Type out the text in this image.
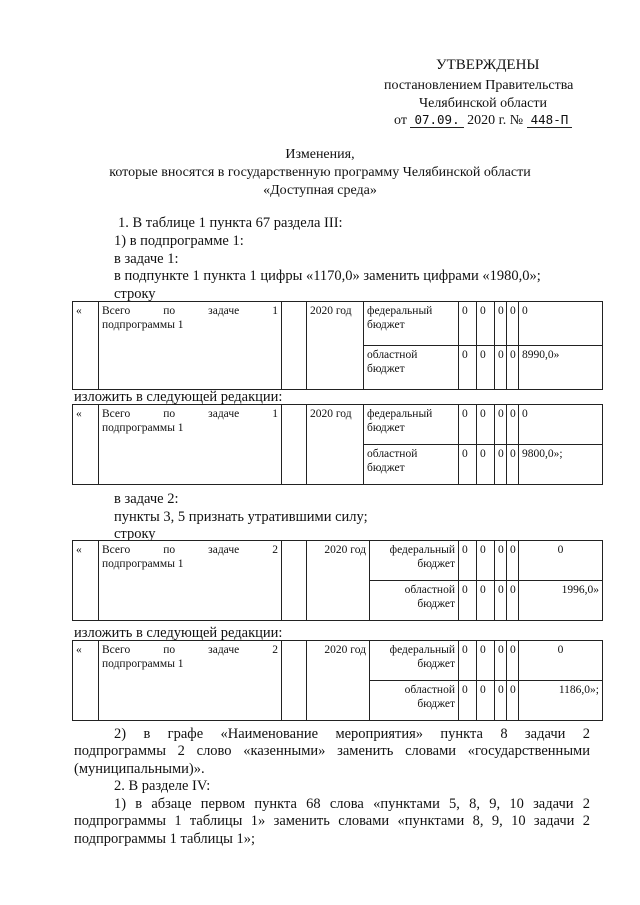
УТВЕРЖДЕНЫ
постановлением Правительства
Челябинской области
от 07.09. 2020 г. № 448-П
Изменения,
которые вносятся в государственную программу Челябинской области
«Доступная среда»
1. В таблице 1 пункта 67 раздела III:
1) в подпрограмме 1:
в задаче 1:
в подпункте 1 пункта 1 цифры «1170,0» заменить цифрами «1980,0»;
строку
«	Всего по задаче 1
подпрограммы 1		2020 год	федеральный бюджет	0	0	0	0	0
				областной бюджет	0	0	0	0	8990,0»
изложить в следующей редакции:
«	Всего по задаче 1
подпрограммы 1		2020 год	федеральный бюджет	0	0	0	0	0
				областной бюджет	0	0	0	0	9800,0»;
в задаче 2:
пункты 3, 5 признать утратившими силу;
строку
«	Всего по задаче 2
подпрограммы 1		2020 год	федеральный бюджет	0	0	0	0	0
				областной бюджет	0	0	0	0	1996,0»
изложить в следующей редакции:
«	Всего по задаче 2
подпрограммы 1		2020 год	федеральный бюджет	0	0	0	0	0
				областной бюджет	0	0	0	0	1186,0»;
2) в графе «Наименование мероприятия» пункта 8 задачи 2
подпрограммы 2 слово «казенными» заменить словами «государственными
(муниципальными)».
2. В разделе IV:
1) в абзаце первом пункта 68 слова «пунктами 5, 8, 9, 10 задачи 2
подпрограммы 1 таблицы 1» заменить словами «пунктами 8, 9, 10 задачи 2
подпрограммы 1 таблицы 1»;
